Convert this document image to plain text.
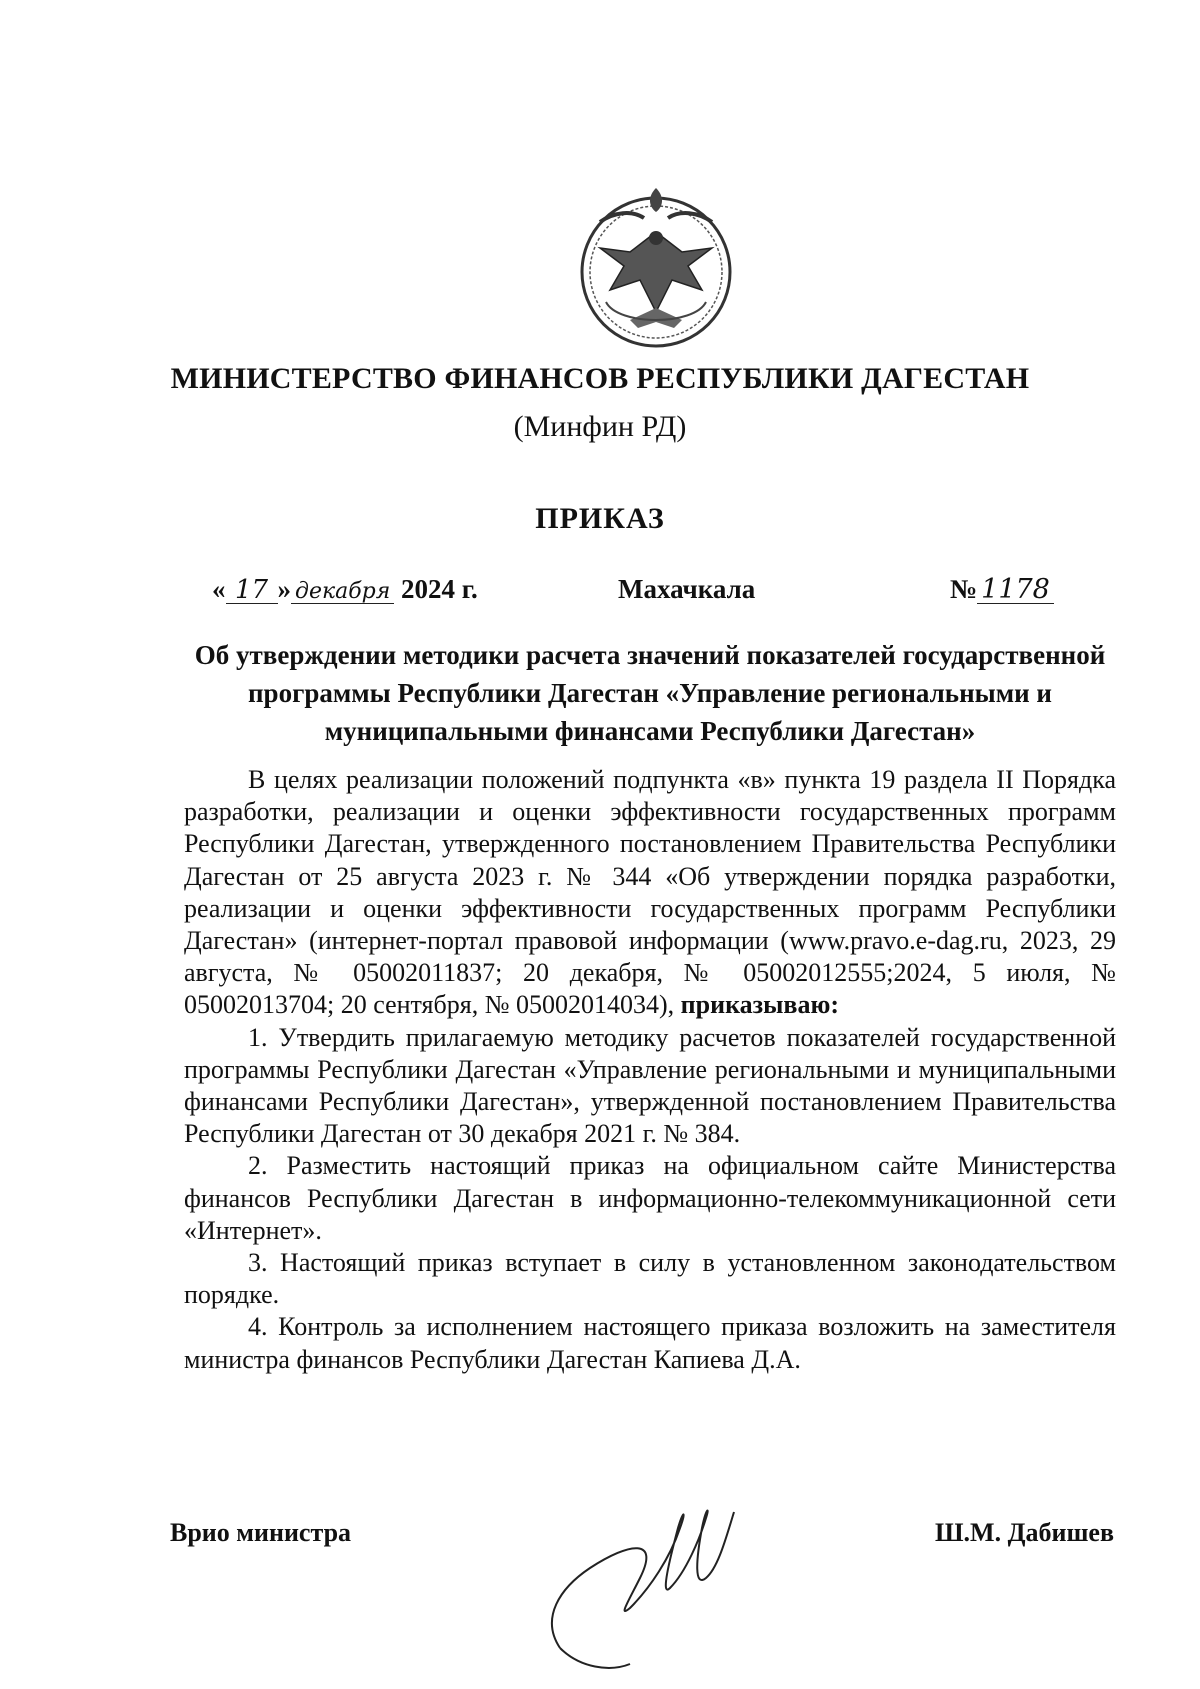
МИНИСТЕРСТВО ФИНАНСОВ РЕСПУБЛИКИ ДАГЕСТАН
(Минфин РД)
ПРИКАЗ
« 17 » декабря 2024 г.	Махачкала	№ 1178
Об утверждении методики расчета значений показателей государственной программы Республики Дагестан «Управление региональными и муниципальными финансами Республики Дагестан»

В целях реализации положений подпункта «в» пункта 19 раздела II Порядка разработки, реализации и оценки эффективности государственных программ Республики Дагестан, утвержденного постановлением Правительства Республики Дагестан от 25 августа 2023 г. № 344 «Об утверждении порядка разработки, реализации и оценки эффективности государственных программ Республики Дагестан» (интернет-портал правовой информации (www.pravo.e-dag.ru, 2023, 29 августа, № 05002011837; 20 декабря, № 05002012555;2024, 5 июля, № 05002013704; 20 сентября, № 05002014034), приказываю:

1. Утвердить прилагаемую методику расчетов показателей государственной программы Республики Дагестан «Управление региональными и муниципальными финансами Республики Дагестан», утвержденной постановлением Правительства Республики Дагестан от 30 декабря 2021 г. № 384.

2. Разместить настоящий приказ на официальном сайте Министерства финансов Республики Дагестан в информационно-телекоммуникационной сети «Интернет».

3. Настоящий приказ вступает в силу в установленном законодательством порядке.

4. Контроль за исполнением настоящего приказа возложить на заместителя министра финансов Республики Дагестан Капиева Д.А.

Врио министра	Ш.М. Дабишев
